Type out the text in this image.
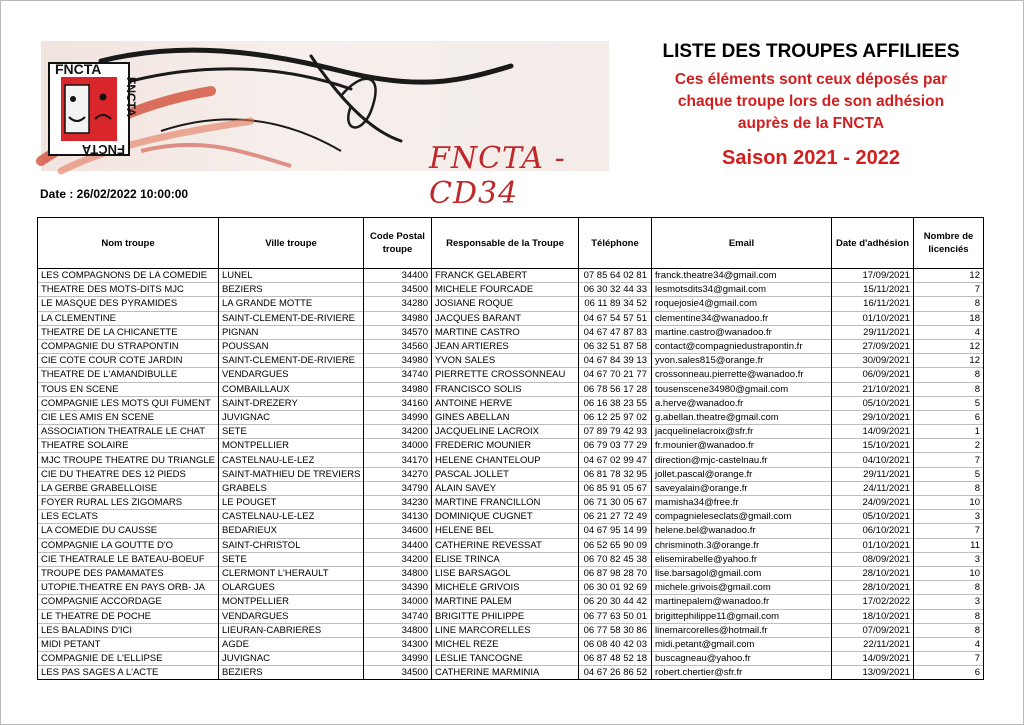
FNCTA
FNCTA
FNCTA
FNCTA - CD34
LISTE DES TROUPES AFFILIEES
Ces éléments sont ceux déposés par
chaque troupe lors de son adhésion
auprès de la FNCTA
Saison 2021 - 2022
Date : 26/02/2022 10:00:00
Nom troupe	Ville troupe	Code Postal troupe	Responsable de la Troupe	Téléphone	Email	Date d'adhésion	Nombre de licenciés
LES COMPAGNONS DE LA COMEDIE	LUNEL	34400	FRANCK GELABERT	07 85 64 02 81	franck.theatre34@gmail.com	17/09/2021	12
THEATRE DES MOTS-DITS MJC	BEZIERS	34500	MICHELE FOURCADE	06 30 32 44 33	lesmotsdits34@gmail.com	15/11/2021	7
LE MASQUE DES PYRAMIDES	LA GRANDE MOTTE	34280	JOSIANE ROQUE	06 11 89 34 52	roquejosie4@gmail.com	16/11/2021	8
LA CLEMENTINE	SAINT-CLEMENT-DE-RIVIERE	34980	JACQUES BARANT	04 67 54 57 51	clementine34@wanadoo.fr	01/10/2021	18
THEATRE DE LA CHICANETTE	PIGNAN	34570	MARTINE CASTRO	04 67 47 87 83	martine.castro@wanadoo.fr	29/11/2021	4
COMPAGNIE DU STRAPONTIN	POUSSAN	34560	JEAN ARTIERES	06 32 51 87 58	contact@compagniedustrapontin.fr	27/09/2021	12
CIE COTE COUR COTE JARDIN	SAINT-CLEMENT-DE-RIVIERE	34980	YVON SALES	04 67 84 39 13	yvon.sales815@orange.fr	30/09/2021	12
THEATRE DE L'AMANDIBULLE	VENDARGUES	34740	PIERRETTE CROSSONNEAU	04 67 70 21 77	crossonneau.pierrette@wanadoo.fr	06/09/2021	8
TOUS EN SCENE	COMBAILLAUX	34980	FRANCISCO SOLIS	06 78 56 17 28	tousenscene34980@gmail.com	21/10/2021	8
COMPAGNIE LES MOTS QUI FUMENT	SAINT-DREZERY	34160	ANTOINE HERVE	06 16 38 23 55	a.herve@wanadoo.fr	05/10/2021	5
CIE LES AMIS EN SCENE	JUVIGNAC	34990	GINES ABELLAN	06 12 25 97 02	g.abellan.theatre@gmail.com	29/10/2021	6
ASSOCIATION THEATRALE LE CHAT	SETE	34200	JACQUELINE LACROIX	07 89 79 42 93	jacquelinelacroix@sfr.fr	14/09/2021	1
THEATRE SOLAIRE	MONTPELLIER	34000	FREDERIC MOUNIER	06 79 03 77 29	fr.mounier@wanadoo.fr	15/10/2021	2
MJC TROUPE THEATRE DU TRIANGLE	CASTELNAU-LE-LEZ	34170	HELENE CHANTELOUP	04 67 02 99 47	direction@mjc-castelnau.fr	04/10/2021	7
CIE DU THEATRE DES 12 PIEDS	SAINT-MATHIEU DE TREVIERS	34270	PASCAL JOLLET	06 81 78 32 95	jollet.pascal@orange.fr	29/11/2021	5
LA GERBE GRABELLOISE	GRABELS	34790	ALAIN SAVEY	06 85 91 05 67	saveyalain@orange.fr	24/11/2021	8
FOYER RURAL LES ZIGOMARS	LE POUGET	34230	MARTINE FRANCILLON	06 71 30 05 67	mamisha34@free.fr	24/09/2021	10
LES ECLATS	CASTELNAU-LE-LEZ	34130	DOMINIQUE CUGNET	06 21 27 72 49	compagnieleseclats@gmail.com	05/10/2021	3
LA COMEDIE DU CAUSSE	BEDARIEUX	34600	HELENE BEL	04 67 95 14 99	helene.bel@wanadoo.fr	06/10/2021	7
COMPAGNIE LA GOUTTE D'O	SAINT-CHRISTOL	34400	CATHERINE REVESSAT	06 52 65 90 09	chrisminoth.3@orange.fr	01/10/2021	11
CIE THEATRALE LE BATEAU-BOEUF	SETE	34200	ELISE TRINCA	06 70 82 45 38	elisemirabelle@yahoo.fr	08/09/2021	3
TROUPE DES PAMAMATES	CLERMONT L'HERAULT	34800	LISE BARSAGOL	06 87 98 28 70	lise.barsagol@gmail.com	28/10/2021	10
UTOPIE.THEATRE EN PAYS ORB- JA	OLARGUES	34390	MICHELE GRIVOIS	06 30 01 92 69	michele.grivois@gmail.com	28/10/2021	8
COMPAGNIE ACCORDAGE	MONTPELLIER	34000	MARTINE PALEM	06 20 30 44 42	martinepalem@wanadoo.fr	17/02/2022	3
LE THEATRE DE POCHE	VENDARGUES	34740	BRIGITTE PHILIPPE	06 77 63 50 01	brigittephilippe11@gmail.com	18/10/2021	8
LES BALADINS D'ICI	LIEURAN-CABRIERES	34800	LINE MARCORELLES	06 77 58 30 86	linemarcorelles@hotmail.fr	07/09/2021	8
MIDI PETANT	AGDE	34300	MICHEL REZE	06 08 40 42 03	midi.petant@gmail.com	22/11/2021	4
COMPAGNIE DE L'ELLIPSE	JUVIGNAC	34990	LESLIE TANCOGNE	06 87 48 52 18	buscagneau@yahoo.fr	14/09/2021	7
LES PAS SAGES A L'ACTE	BEZIERS	34500	CATHERINE MARMINIA	04 67 26 86 52	robert.chertier@sfr.fr	13/09/2021	6
